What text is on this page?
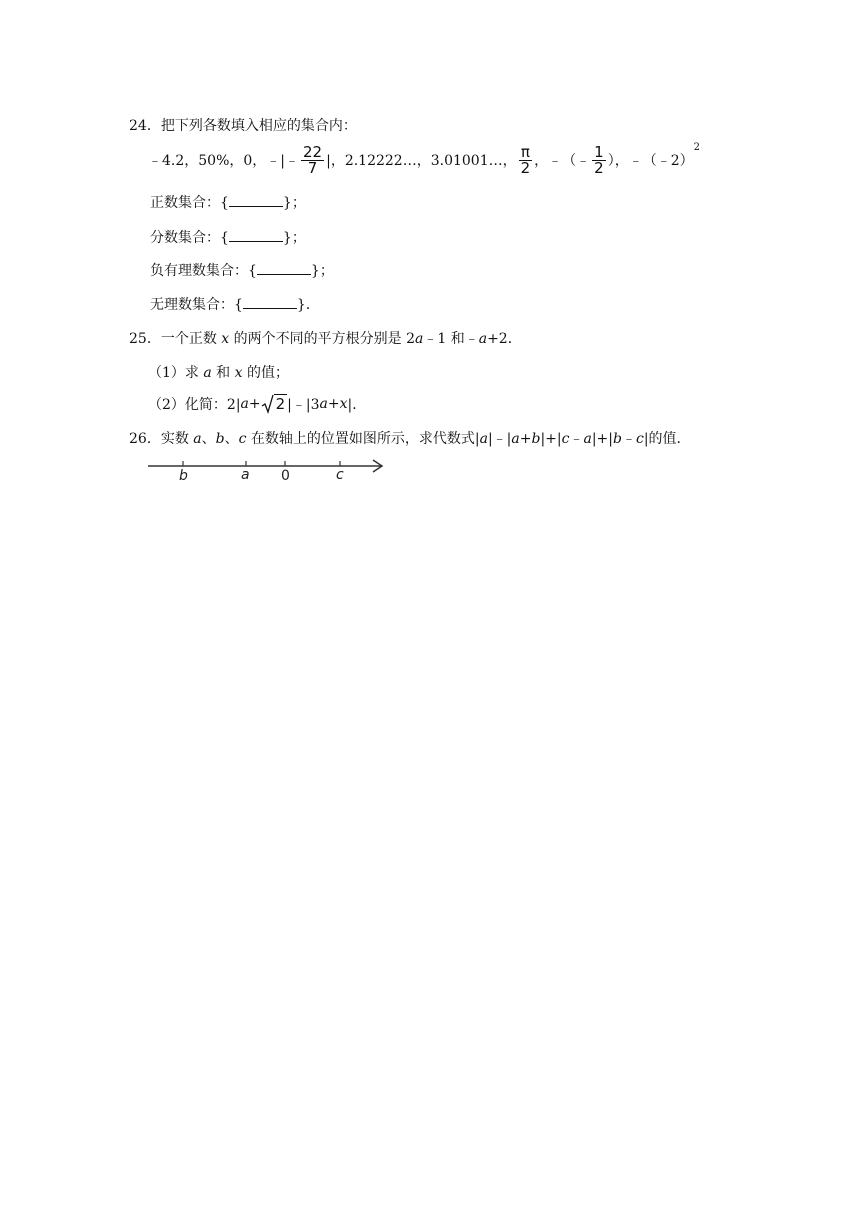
24．把下列各数填入相应的集合内：
﹣4.2，50%，0，﹣|﹣ $\frac{22}{7}$ |，2.12222…，3.01001…， $\frac{\pi}{2}$ ，﹣（﹣ $\frac{1}{2}$ ），﹣（﹣2）$^2$
正数集合：{	}；
分数集合：{	}；
负有理数集合：{	}；
无理数集合：{	}．
25．一个正数 x 的两个不同的平方根分别是 2a﹣1 和﹣a+2．
（1）求 a 和 x 的值；
（2）化简：2|a+ 2 |﹣|3a+x|．
26．实数 a、b、c 在数轴上的位置如图所示，求代数式|a|﹣|a+b|+|c﹣a|+|b﹣c|的值．
b	a 0	c
